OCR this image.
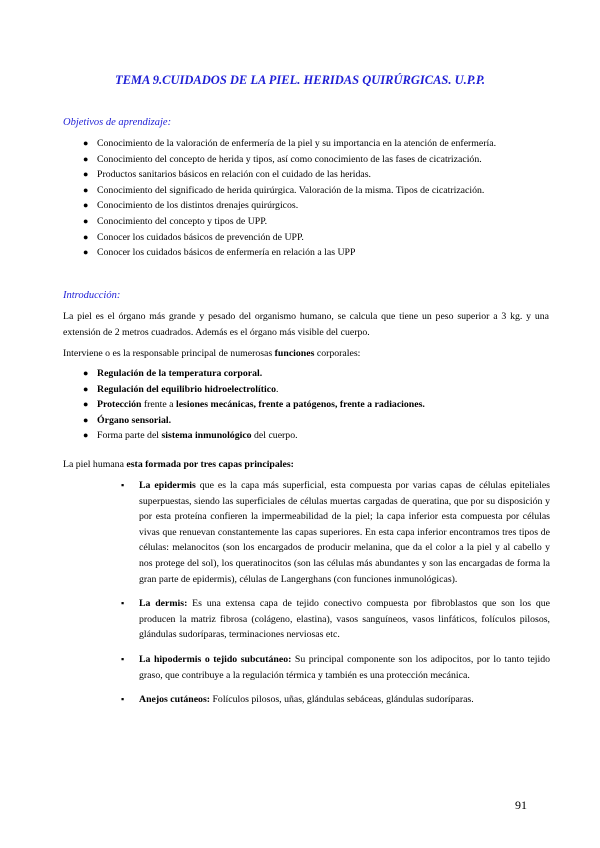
TEMA 9.CUIDADOS DE LA PIEL. HERIDAS QUIRÚRGICAS. U.P.P.
Objetivos de aprendizaje:
● Conocimiento de la valoración de enfermería de la piel y su importancia en la atención de enfermería.
● Conocimiento del concepto de herida y tipos, así como conocimiento de las fases de cicatrización.
● Productos sanitarios básicos en relación con el cuidado de las heridas.
● Conocimiento del significado de herida quirúrgica. Valoración de la misma. Tipos de cicatrización.
● Conocimiento de los distintos drenajes quirúrgicos.
● Conocimiento del concepto y tipos de UPP.
● Conocer los cuidados básicos de prevención de UPP.
● Conocer los cuidados básicos de enfermería en relación a las UPP
Introducción:

La piel es el órgano más grande y pesado del organismo humano, se calcula que tiene un peso superior a 3 kg. y una extensión de 2 metros cuadrados. Además es el órgano más visible del cuerpo.

Interviene o es la responsable principal de numerosas funciones corporales:

● Regulación de la temperatura corporal.
● Regulación del equilibrio hidroelectrolítico.
● Protección frente a lesiones mecánicas, frente a patógenos, frente a radiaciones.
● Órgano sensorial.
● Forma parte del sistema inmunológico del cuerpo.

La piel humana esta formada por tres capas principales:

▪ La epidermis que es la capa más superficial, esta compuesta por varias capas de células epiteliales superpuestas, siendo las superficiales de células muertas cargadas de queratina, que por su disposición y por esta proteína confieren la impermeabilidad de la piel; la capa inferior esta compuesta por células vivas que renuevan constantemente las capas superiores. En esta capa inferior encontramos tres tipos de células: melanocitos (son los encargados de producir melanina, que da el color a la piel y al cabello y nos protege del sol), los queratinocitos (son las células más abundantes y son las encargadas de forma la gran parte de epidermis), células de Langerghans (con funciones inmunológicas).
▪ La dermis: Es una extensa capa de tejido conectivo compuesta por fibroblastos que son los que producen la matriz fibrosa (colágeno, elastina), vasos sanguíneos, vasos linfáticos, folículos pilosos, glándulas sudoríparas, terminaciones nerviosas etc.
▪ La hipodermis o tejido subcutáneo: Su principal componente son los adipocitos, por lo tanto tejido graso, que contribuye a la regulación térmica y también es una protección mecánica.
▪ Anejos cutáneos: Folículos pilosos, uñas, glándulas sebáceas, glándulas sudoríparas.
91
